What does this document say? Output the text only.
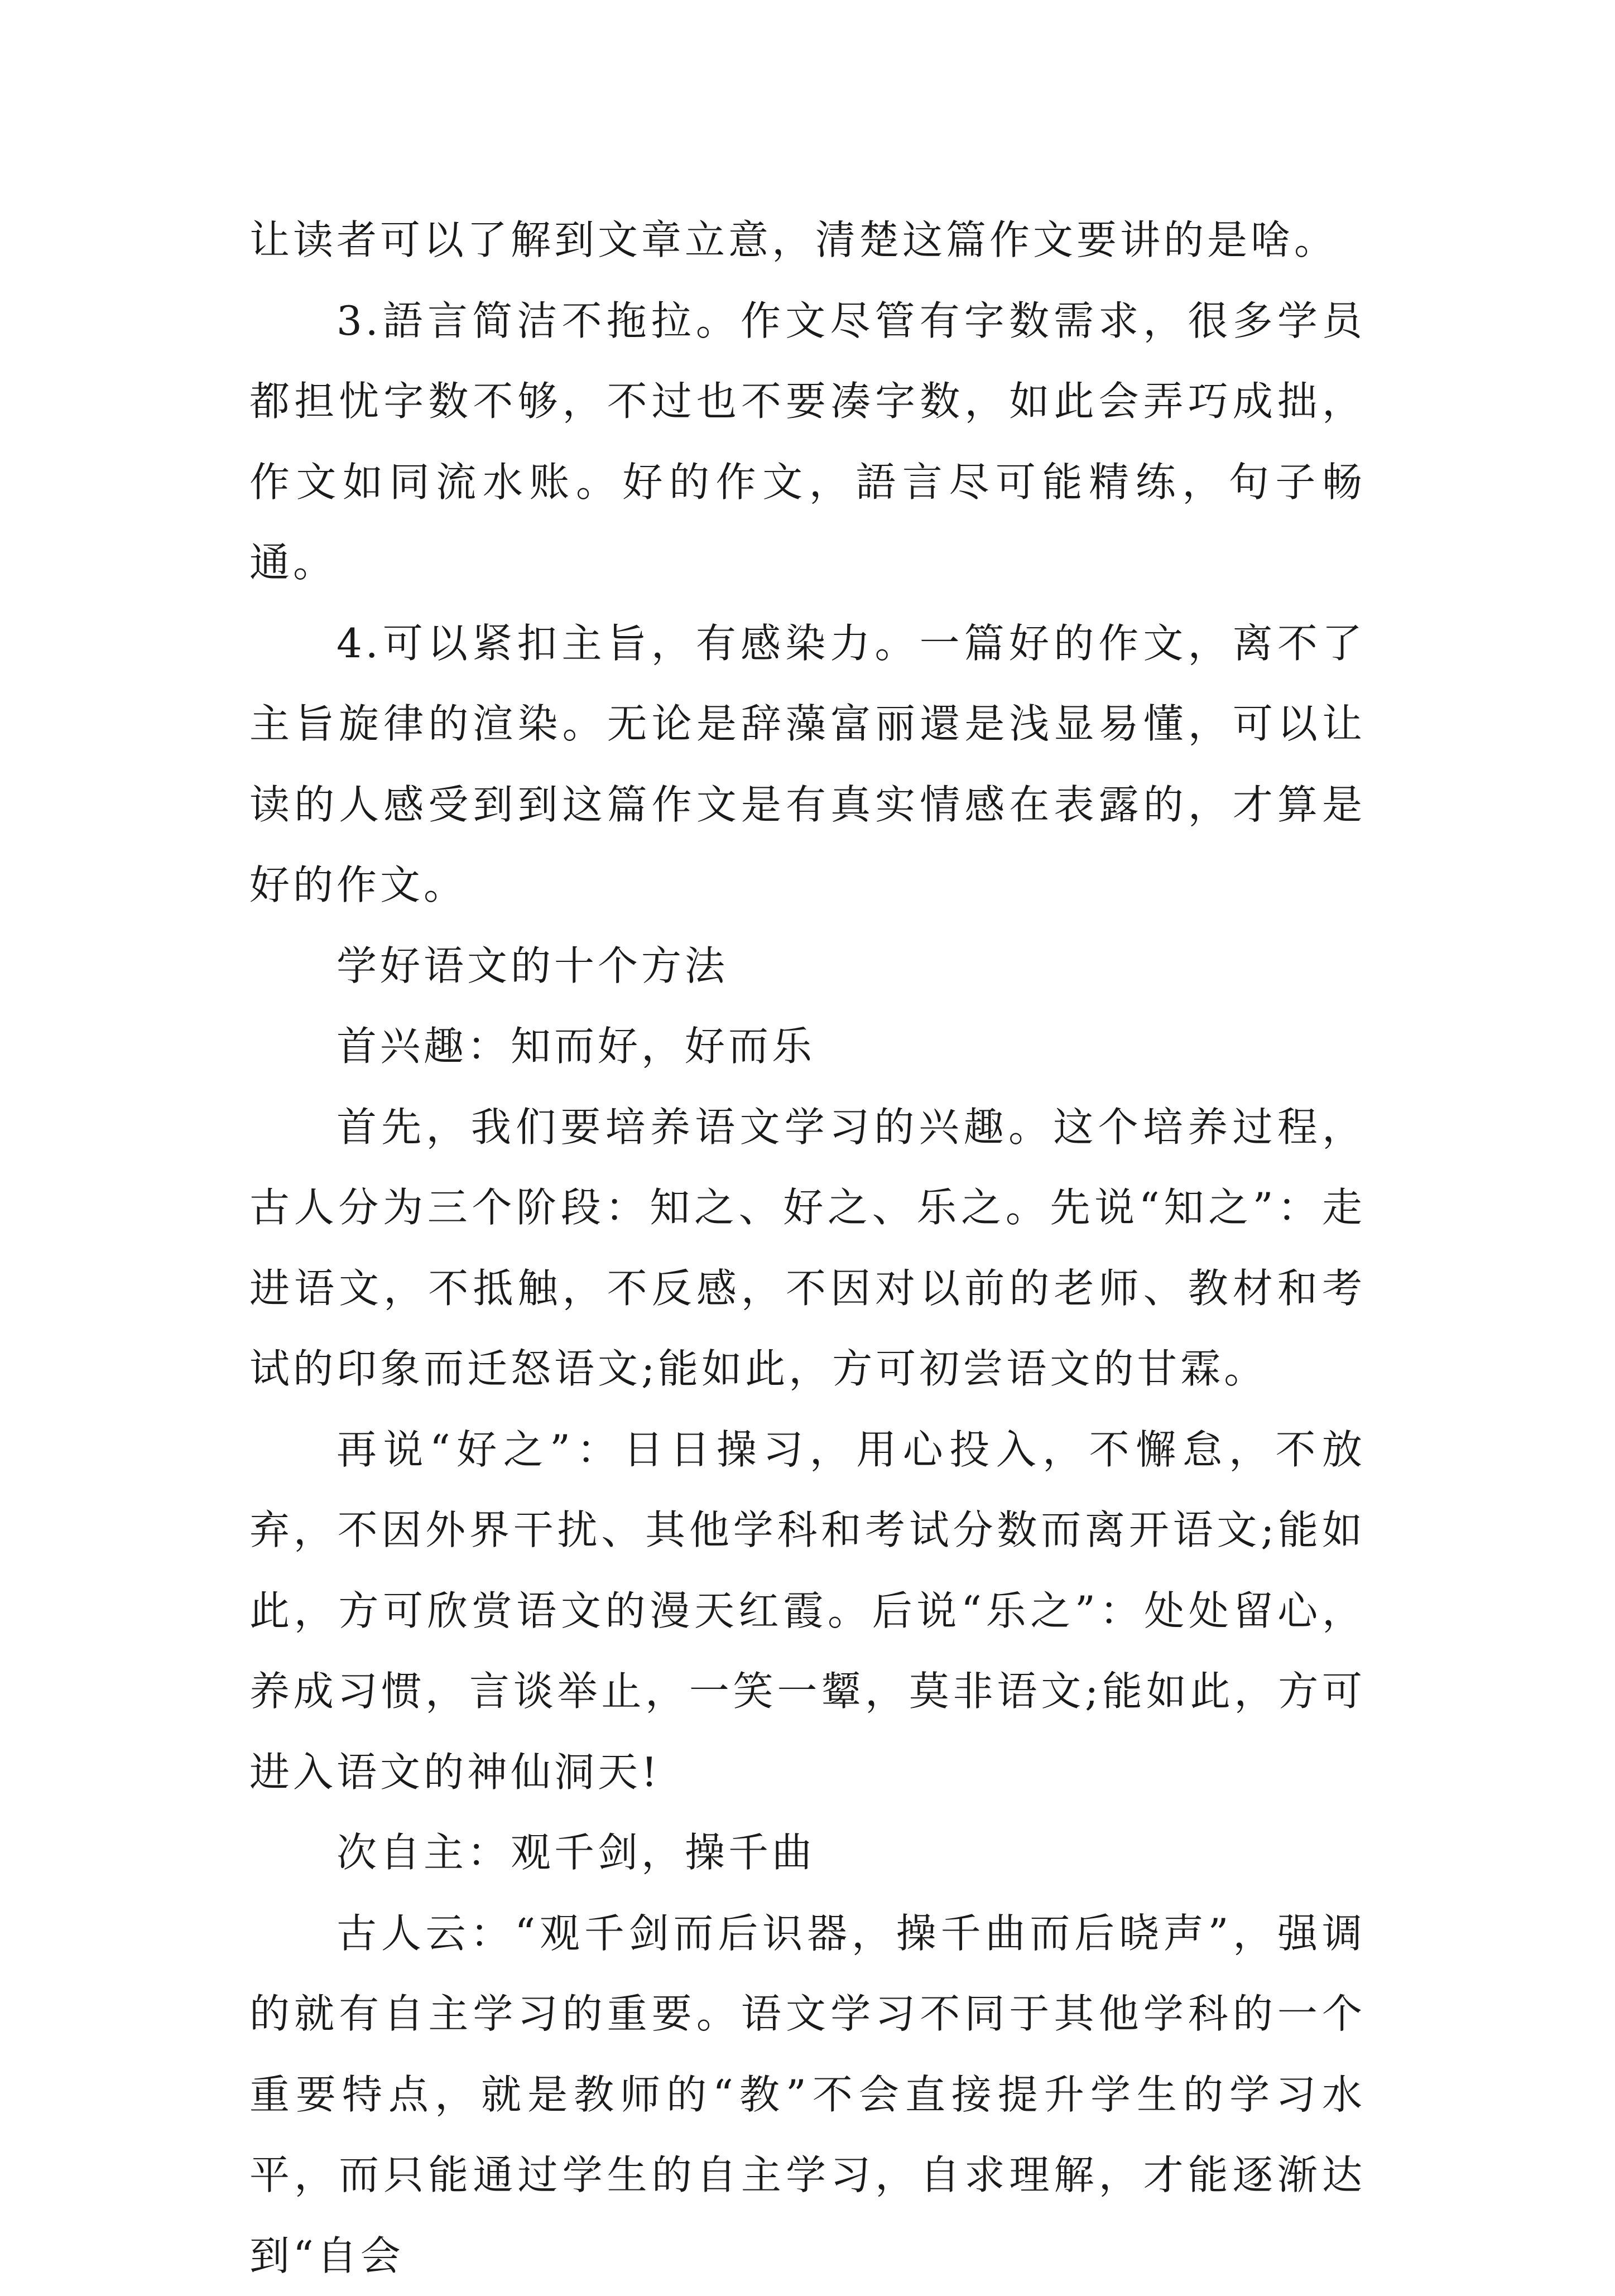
让读者可以了解到文章立意，清楚这篇作文要讲的是啥。

3.語言简洁不拖拉。作文尽管有字数需求，很多学员都担忧字数不够，不过也不要凑字数，如此会弄巧成拙，作文如同流水账。好的作文，語言尽可能精练，句子畅通。

4.可以紧扣主旨，有感染力。一篇好的作文，离不了主旨旋律的渲染。无论是辞藻富丽還是浅显易懂，可以让读的人感受到到这篇作文是有真实情感在表露的，才算是好的作文。

学好语文的十个方法

首兴趣：知而好，好而乐

首先，我们要培养语文学习的兴趣。这个培养过程，古人分为三个阶段：知之、好之、乐之。先说“知之”：走进语文，不抵触，不反感，不因对以前的老师、教材和考试的印象而迁怒语文;能如此，方可初尝语文的甘霖。

再说“好之”：日日操习，用心投入，不懈怠，不放弃，不因外界干扰、其他学科和考试分数而离开语文;能如此，方可欣赏语文的漫天红霞。后说“乐之”：处处留心，养成习惯，言谈举止，一笑一颦，莫非语文;能如此，方可进入语文的神仙洞天!

次自主：观千剑，操千曲

古人云：“观千剑而后识器，操千曲而后晓声”，强调的就有自主学习的重要。语文学习不同于其他学科的一个重要特点，就是教师的“教”不会直接提升学生的学习水平，而只能通过学生的自主学习，自求理解，才能逐渐达到“自会
